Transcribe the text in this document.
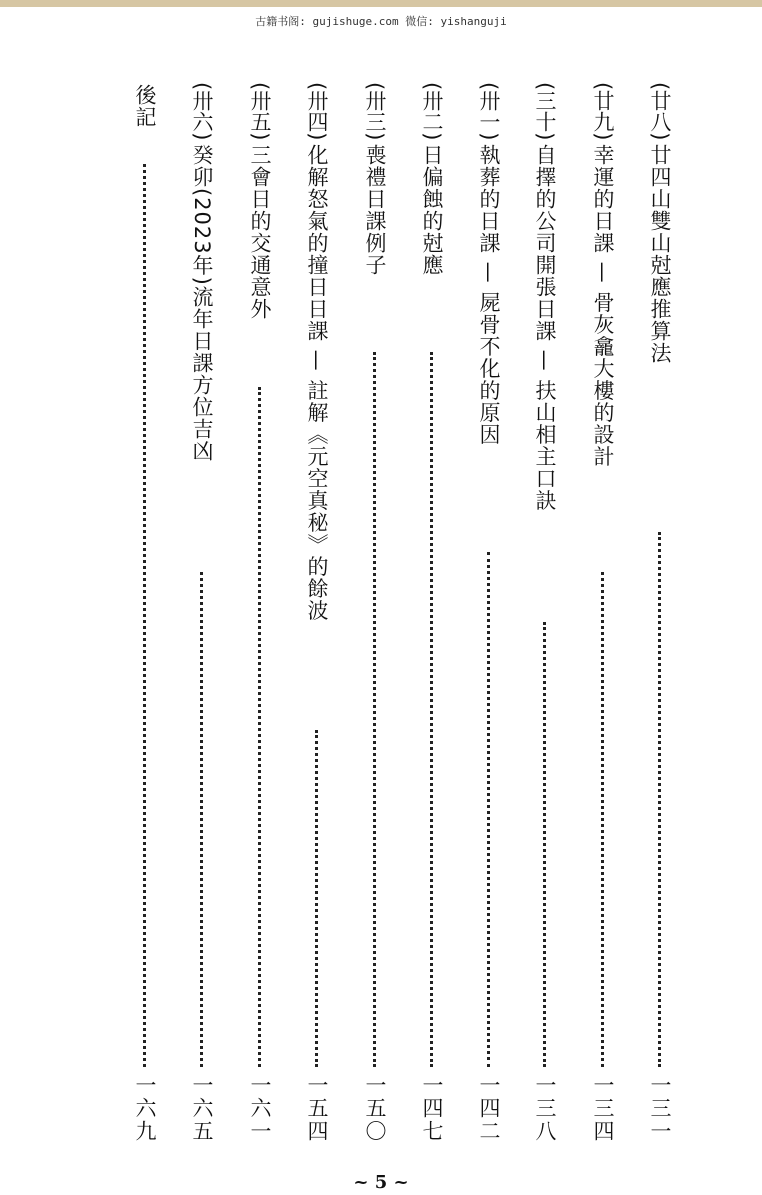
古籍书阁: gujishuge.com 微信: yishanguji
(廿八)
廿四山雙山尅應推算法
一三一
(廿九)
幸運的日課 — 骨灰龕大樓的設計
一三四
(三十)
自擇的公司開張日課 — 扶山相主口訣
一三八
(卅一)
執葬的日課 — 屍骨不化的原因
一四二
(卅二)
日偏蝕的尅應
一四七
(卅三)
喪禮日課例子
一五〇
(卅四)
化解怒氣的撞日日課 — 註解《元空真秘》的餘波
一五四
(卅五)
三會日的交通意外
一六一
(卅六)
癸卯(2023年)流年日課方位吉凶
一六五
後記
一六九
~ 5 ~
